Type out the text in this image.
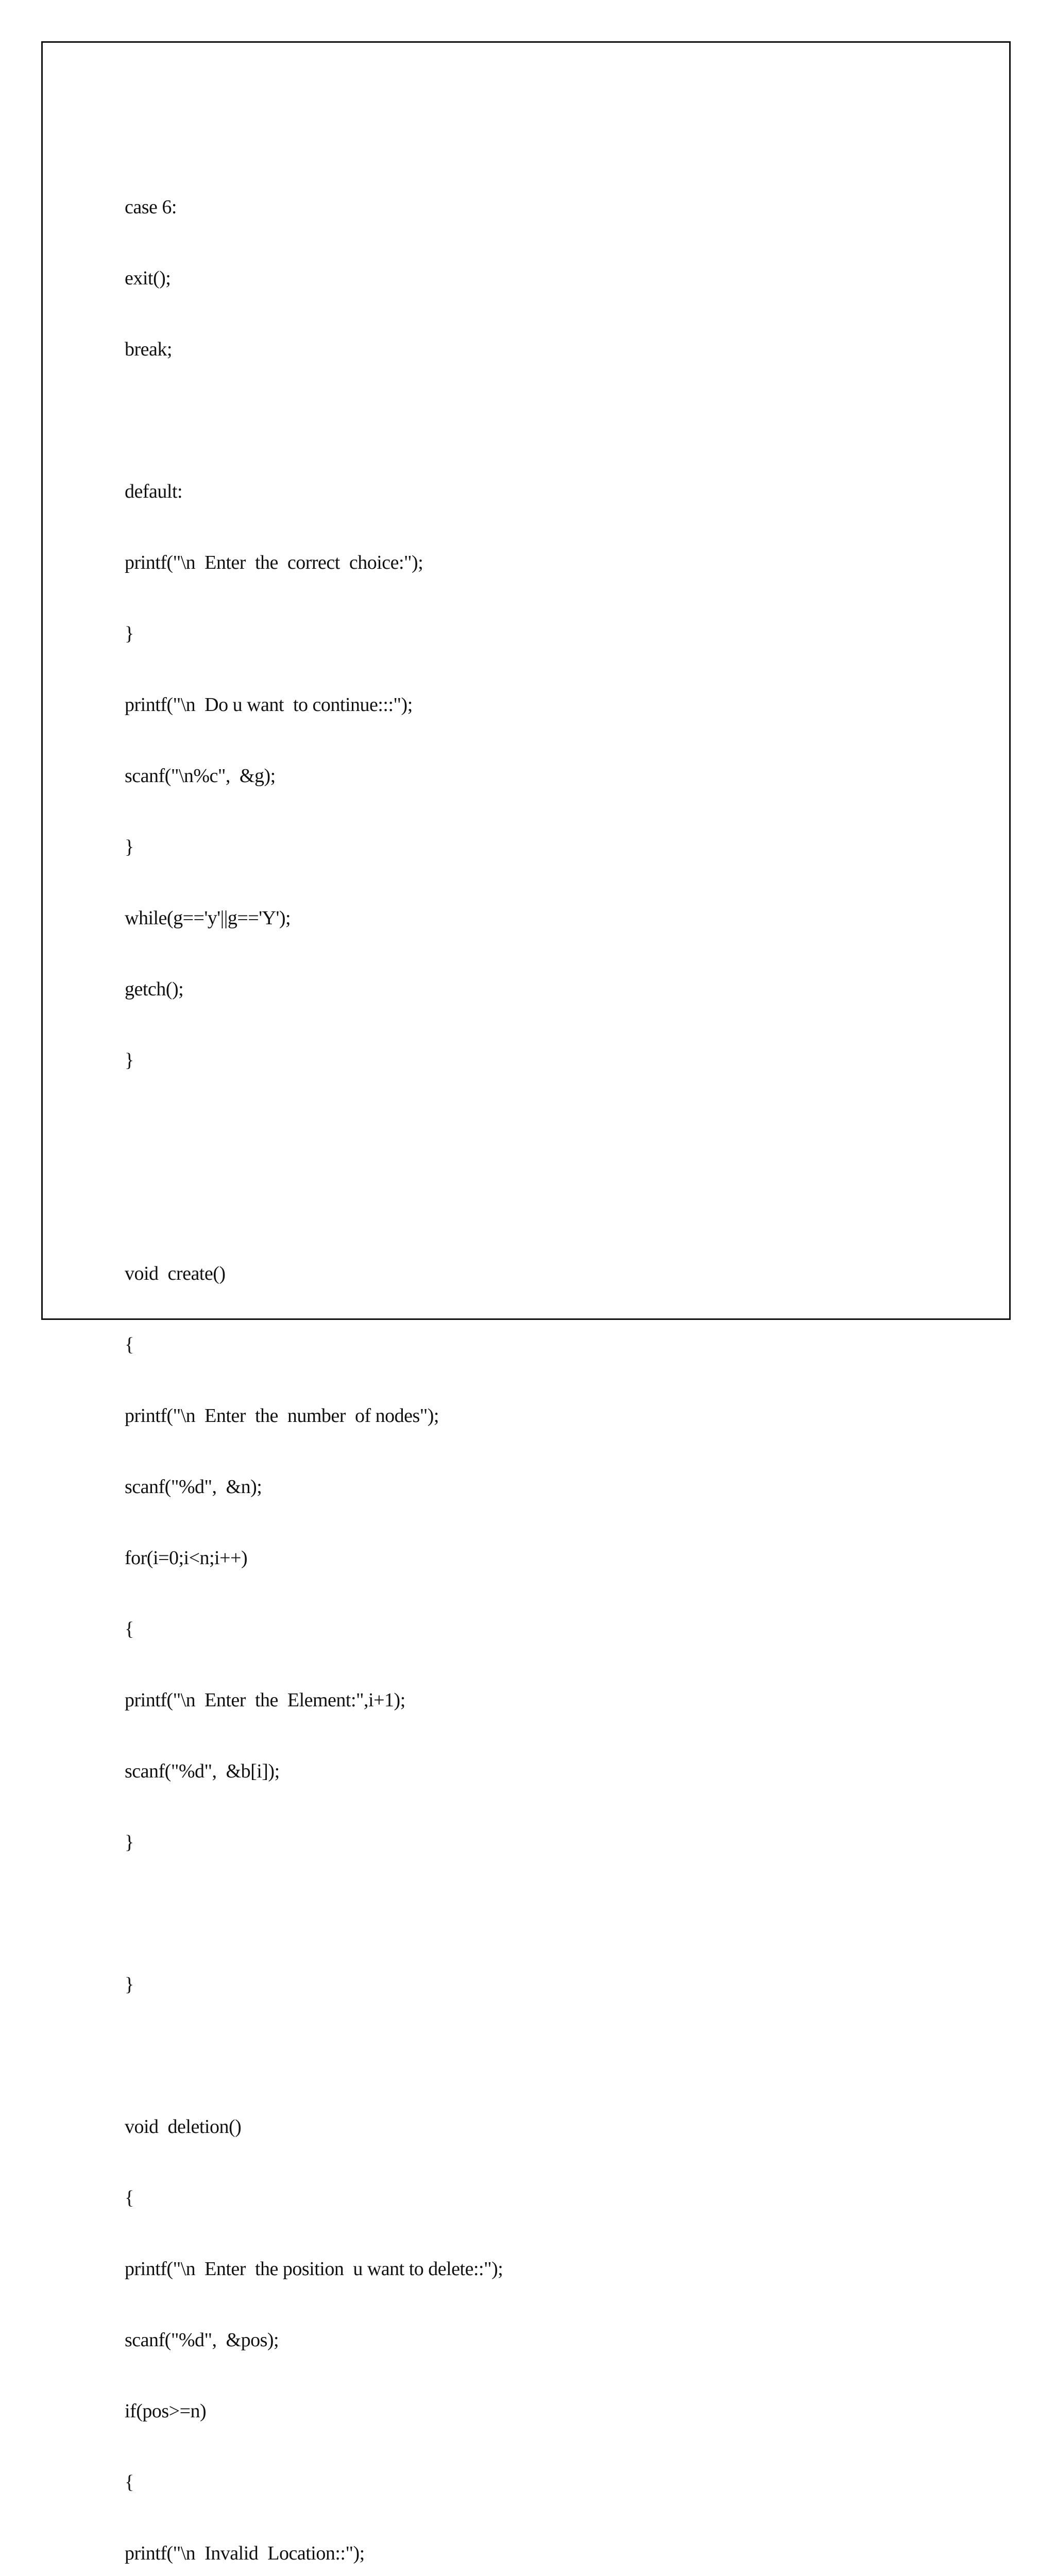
case 6:

exit();

break;

default:

printf("\n  Enter  the  correct  choice:");

}

printf("\n  Do u want  to continue:::");

scanf("\n%c",  &g);

}

while(g=='y'||g=='Y');

getch();

}

void  create()

{

printf("\n  Enter  the  number  of nodes");

scanf("%d",  &n);

for(i=0;i<n;i++)

{

printf("\n  Enter  the  Element:",i+1);

scanf("%d",  &b[i]);

}

}

void  deletion()

{

printf("\n  Enter  the position  u want to delete::");

scanf("%d",  &pos);

if(pos>=n)

{

printf("\n  Invalid  Location::");
